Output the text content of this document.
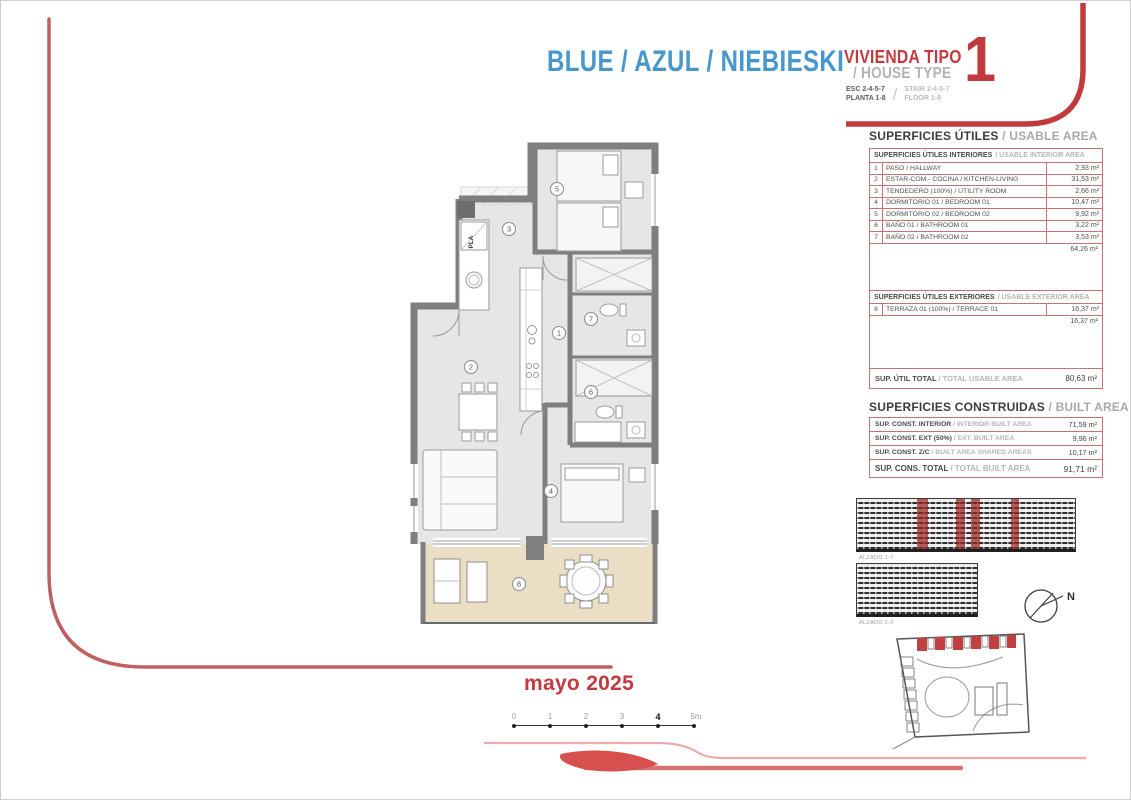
BLUE / AZUL / NIEBIESKI VIVIENDA TIPO
/ HOUSE TYPE
ESC 2-4-5-7
PLANTA 1-8 / STAIR 2-4-5-7
FLOOR 1-8
1
SUPERFICIES ÚTILES / USABLE AREA
SUPERFICIES ÚTILES INTERIORES / USABLE INTERIOR AREA
1	PASO / HALLWAY	2,93 m²
2	ESTAR-COM.- COCINA / KITCHEN-LIVING	31,53 m²
3	TENDEDERO (100%) / UTILITY ROOM	2,66 m²
4	DORMITORIO 01 / BEDROOM 01	10,47 m²
5	DORMITORIO 02 / BEDROOM 02	9,92 m²
6	BAÑO 01 / BATHROOM 01	3,22 m²
7	BAÑO 02 / BATHROOM 02	3,53 m²
64,26 m²
SUPERFICIES ÚTILES EXTERIORES / USABLE EXTERIOR AREA
8	TERRAZA 01 (100%) / TERRACE 01	16,37 m²
16,37 m²
SUP. ÚTIL TOTAL / TOTAL USABLE AREA	80,63 m²
SUPERFICIES CONSTRUIDAS / BUILT AREA
SUP. CONST. INTERIOR / INTERIOR BUILT AREA	71,59 m²
SUP. CONST. EXT (50%) / EXT. BUILT AREA	9,96 m²
SUP. CONST. Z/C / BUILT AREA SHARED AREAS	10,17 m²
SUP. CONS. TOTAL / TOTAL BUILT AREA	91,71 m²
ALZADO 1-7
ALZADO 2-2
N
PLA
1
2
3
4
5
6
7
8
mayo 2025
0	1	2	3	4	5m
